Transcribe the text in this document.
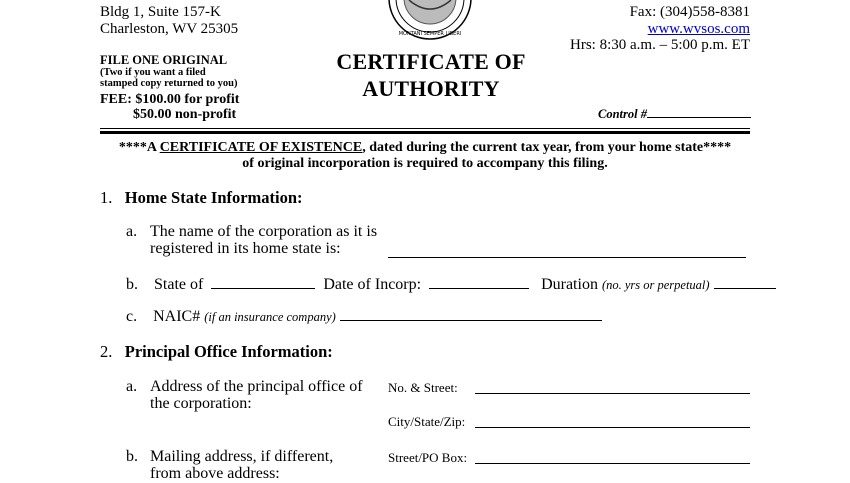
Bldg 1, Suite 157-K
Charleston, WV 25305	MONTANI SEMPER LIBERI
Fax: (304)558-8381
www.wvsos.com
Hrs: 8:30 a.m. – 5:00 p.m. ET
FILE ONE ORIGINAL
(Two if you want a filed
stamped copy returned to you)
FEE: $100.00 for profit
$50.00 non-profit
CERTIFICATE OF
AUTHORITY
Control #
****A CERTIFICATE OF EXISTENCE, dated during the current tax year, from your home state****
of original incorporation is required to accompany this filing.
1. Home State Information:
a. The name of the corporation as it is
registered in its home state is:
b. State of	Date of Incorp:	Duration (no. yrs or perpetual)
c. NAIC# (if an insurance company)
2. Principal Office Information:
a. Address of the principal office of
the corporation:
No. & Street:
City/State/Zip:
b. Mailing address, if different,
from above address:
Street/PO Box:
